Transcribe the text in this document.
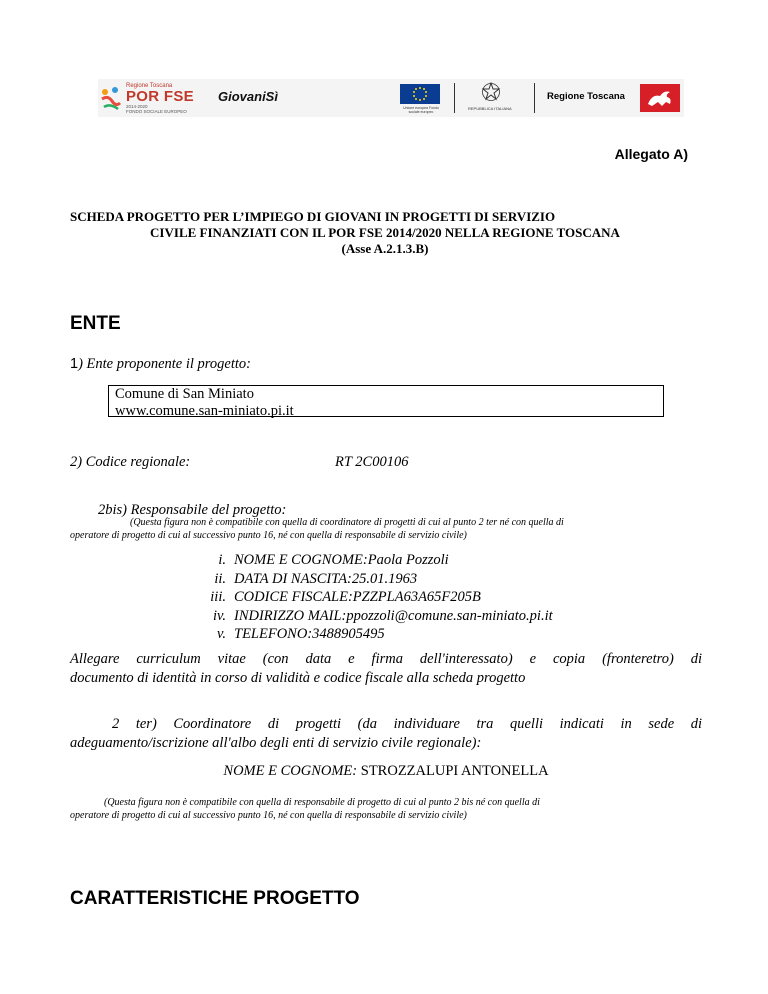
Regione Toscana
POR FSE
2014-2020
FONDO SOCIALE EUROPEO
GiovaniSì
Unione europea Fondo sociale europeo
REPUBBLICA ITALIANA
Regione Toscana
Allegato A)
SCHEDA PROGETTO PER L’IMPIEGO DI GIOVANI IN PROGETTI DI SERVIZIO
CIVILE FINANZIATI CON IL POR FSE 2014/2020 NELLA REGIONE TOSCANA
(Asse A.2.1.3.B)
ENTE
1) Ente proponente il progetto:
Comune di San Miniato
www.comune.san-miniato.pi.it
2) Codice regionale:	RT 2C00106
2bis) Responsabile del progetto:
(Questa figura non è compatibile con quella di coordinatore di progetti di cui al punto 2 ter né con quella di
operatore di progetto di cui al successivo punto 16, né con quella di responsabile di servizio civile)
i. NOME E COGNOME:Paola Pozzoli
ii. DATA DI NASCITA:25.01.1963
iii. CODICE FISCALE:PZZPLA63A65F205B
iv. INDIRIZZO MAIL:ppozzoli@comune.san-miniato.pi.it
v. TELEFONO:3488905495
Allegare curriculum vitae (con data e firma dell'interessato) e copia (fronteretro) di
documento di identità in corso di validità e codice fiscale alla scheda progetto
2 ter) Coordinatore di progetti (da individuare tra quelli indicati in sede di
adeguamento/iscrizione all'albo degli enti di servizio civile regionale):
NOME E COGNOME: STROZZALUPI ANTONELLA
(Questa figura non è compatibile con quella di responsabile di progetto di cui al punto 2 bis né con quella di
operatore di progetto di cui al successivo punto 16, né con quella di responsabile di servizio civile)
CARATTERISTICHE PROGETTO
